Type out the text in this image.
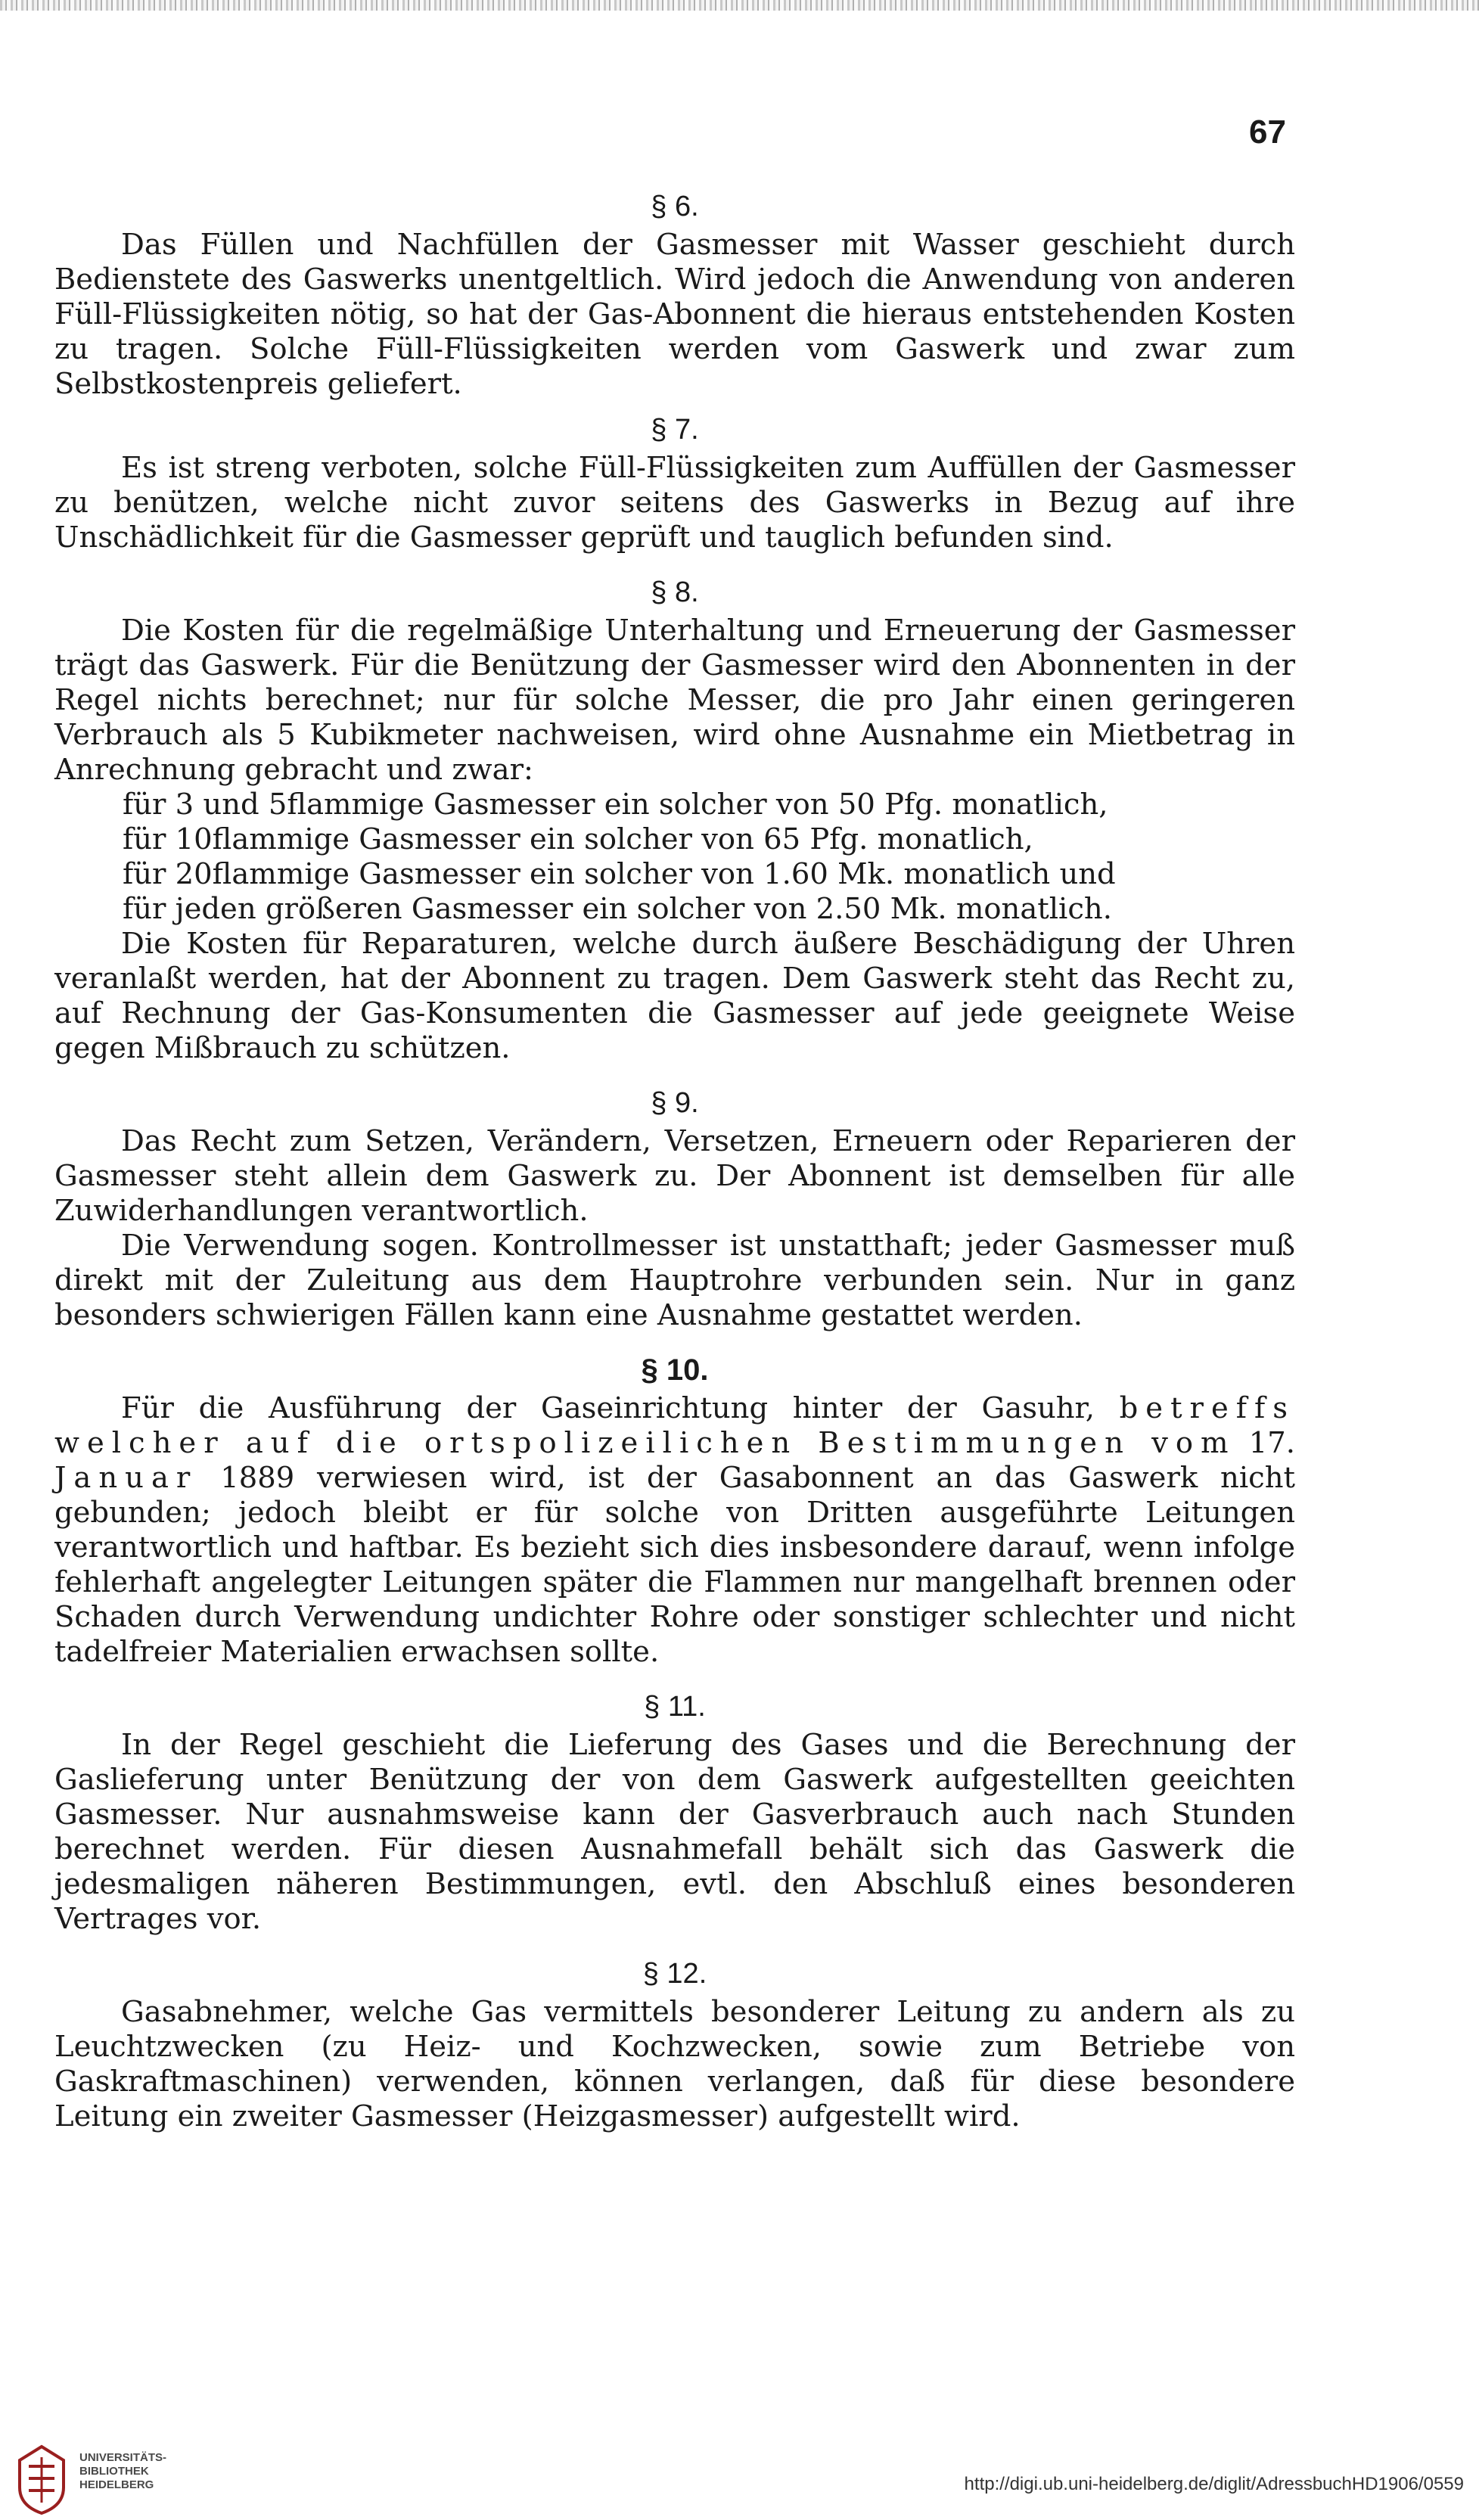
67
§ 6.

Das Füllen und Nachfüllen der Gasmesser mit Wasser geschieht durch Bedienstete des Gaswerks unentgeltlich. Wird jedoch die Anwendung von anderen Füll-Flüssigkeiten nötig, so hat der Gas-Abonnent die hieraus entstehenden Kosten zu tragen. Solche Füll-Flüssigkeiten werden vom Gaswerk und zwar zum Selbstkostenpreis geliefert.

§ 7.

Es ist streng verboten, solche Füll-Flüssigkeiten zum Auffüllen der Gasmesser zu benützen, welche nicht zuvor seitens des Gaswerks in Bezug auf ihre Unschädlichkeit für die Gasmesser geprüft und tauglich befunden sind.

§ 8.

Die Kosten für die regelmäßige Unterhaltung und Erneuerung der Gasmesser trägt das Gaswerk. Für die Benützung der Gasmesser wird den Abonnenten in der Regel nichts berechnet; nur für solche Messer, die pro Jahr einen geringeren Verbrauch als 5 Kubikmeter nachweisen, wird ohne Ausnahme ein Mietbetrag in Anrechnung gebracht und zwar:

für 3 und 5flammige Gasmesser ein solcher von 50 Pfg. monatlich,
für 10flammige Gasmesser ein solcher von 65 Pfg. monatlich,
für 20flammige Gasmesser ein solcher von 1.60 Mk. monatlich und
für jeden größeren Gasmesser ein solcher von 2.50 Mk. monatlich.

Die Kosten für Reparaturen, welche durch äußere Beschädigung der Uhren veranlaßt werden, hat der Abonnent zu tragen. Dem Gaswerk steht das Recht zu, auf Rechnung der Gas-Konsumenten die Gasmesser auf jede geeignete Weise gegen Mißbrauch zu schützen.

§ 9.

Das Recht zum Setzen, Verändern, Versetzen, Erneuern oder Reparieren der Gasmesser steht allein dem Gaswerk zu. Der Abonnent ist demselben für alle Zuwiderhandlungen verantwortlich.

Die Verwendung sogen. Kontrollmesser ist unstatthaft; jeder Gasmesser muß direkt mit der Zuleitung aus dem Hauptrohre verbunden sein. Nur in ganz besonders schwierigen Fällen kann eine Ausnahme gestattet werden.

§ 10.

Für die Ausführung der Gaseinrichtung hinter der Gasuhr, betreffs welcher auf die ortspolizeilichen Bestimmungen vom 17. Januar 1889 verwiesen wird, ist der Gasabonnent an das Gaswerk nicht gebunden; jedoch bleibt er für solche von Dritten ausgeführte Leitungen verantwortlich und haftbar. Es bezieht sich dies insbesondere darauf, wenn infolge fehlerhaft angelegter Leitungen später die Flammen nur mangelhaft brennen oder Schaden durch Verwendung undichter Rohre oder sonstiger schlechter und nicht tadelfreier Materialien erwachsen sollte.

§ 11.

In der Regel geschieht die Lieferung des Gases und die Berechnung der Gaslieferung unter Benützung der von dem Gaswerk aufgestellten geeichten Gasmesser. Nur ausnahmsweise kann der Gasverbrauch auch nach Stunden berechnet werden. Für diesen Ausnahmefall behält sich das Gaswerk die jedesmaligen näheren Bestimmungen, evtl. den Abschluß eines besonderen Vertrages vor.

§ 12.

Gasabnehmer, welche Gas vermittels besonderer Leitung zu andern als zu Leuchtzwecken (zu Heiz- und Kochzwecken, sowie zum Betriebe von Gaskraftmaschinen) verwenden, können verlangen, daß für diese besondere Leitung ein zweiter Gasmesser (Heizgasmesser) aufgestellt wird.

UNIVERSITÄTS-
BIBLIOTHEK
HEIDELBERG	http://digi.ub.uni-heidelberg.de/diglit/AdressbuchHD1906/0559
